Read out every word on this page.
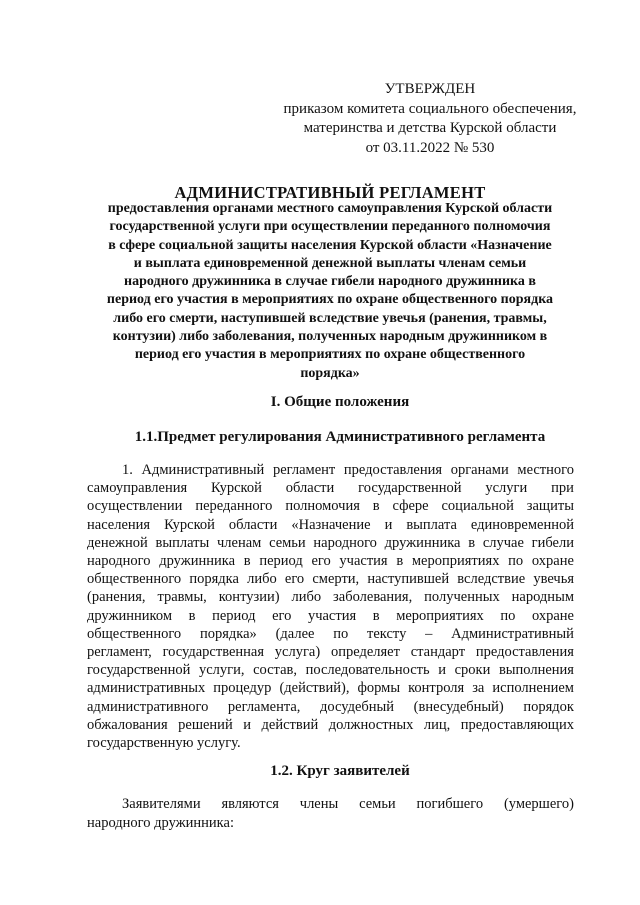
УТВЕРЖДЕН
приказом комитета социального обеспечения,
материнства и детства Курской области
от 03.11.2022 № 530
АДМИНИСТРАТИВНЫЙ РЕГЛАМЕНТ
предоставления органами местного самоуправления Курской области
государственной услуги при осуществлении переданного полномочия
в сфере социальной защиты населения Курской области «Назначение
и выплата единовременной денежной выплаты членам семьи
народного дружинника в случае гибели народного дружинника в
период его участия в мероприятиях по охране общественного порядка
либо его смерти, наступившей вследствие увечья (ранения, травмы,
контузии) либо заболевания, полученных народным дружинником в
период его участия в мероприятиях по охране общественного
порядка»
I. Общие положения
1.1.Предмет регулирования Административного регламента
1. Административный регламент предоставления органами местного
самоуправления Курской области государственной услуги при
осуществлении переданного полномочия в сфере социальной защиты
населения Курской области «Назначение и выплата единовременной
денежной выплаты членам семьи народного дружинника в случае гибели
народного дружинника в период его участия в мероприятиях по охране
общественного порядка либо его смерти, наступившей вследствие увечья
(ранения, травмы, контузии) либо заболевания, полученных народным
дружинником в период его участия в мероприятиях по охране
общественного порядка» (далее по тексту – Административный
регламент, государственная услуга) определяет стандарт предоставления
государственной услуги, состав, последовательность и сроки выполнения
административных процедур (действий), формы контроля за исполнением
административного регламента, досудебный (внесудебный) порядок
обжалования решений и действий должностных лиц, предоставляющих
государственную услугу.
1.2. Круг заявителей
Заявителями являются члены семьи погибшего (умершего)
народного дружинника:
